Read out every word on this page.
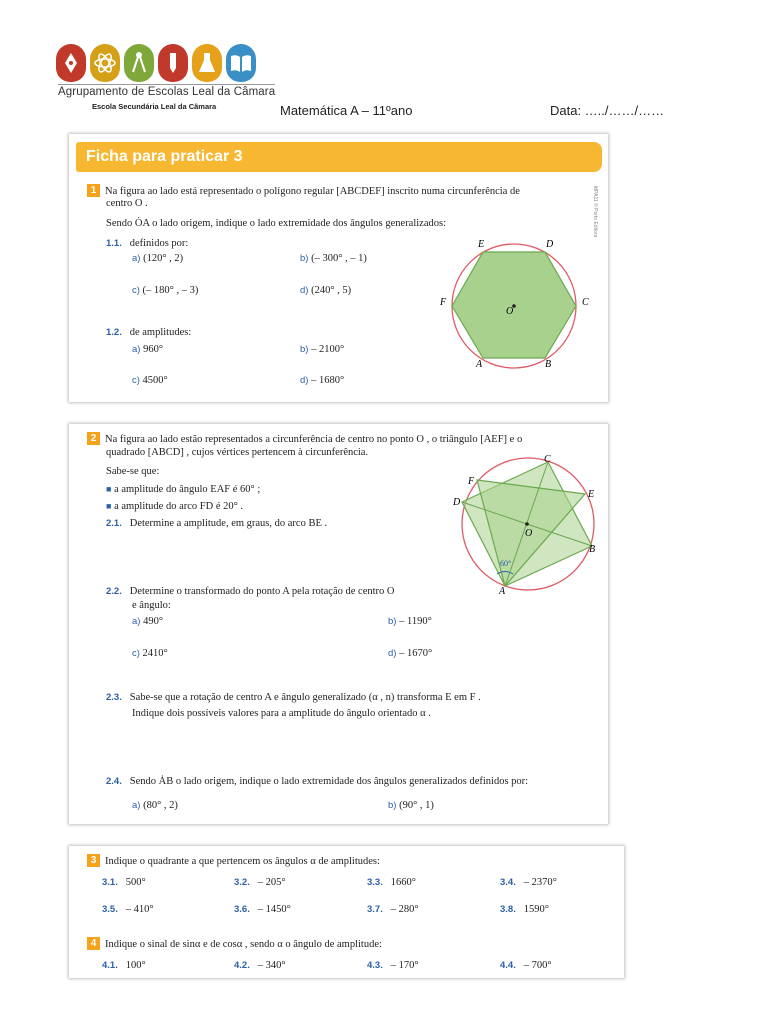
Agrupamento de Escolas Leal da Câmara
Escola Secundária Leal da Câmara	Matemática A – 11ºano	Data: …../……/……
Ficha para praticar 3
MPA11 © Porto Editora
1 Na figura ao lado está representado o polígono regular [ABCDEF] inscrito numa circunferência de
centro O .
Sendo ȮA o lado origem, indique o lado extremidade dos ângulos generalizados:
1.1. definidos por:
a) (120° , 2)	b) (– 300° , – 1)
c) (– 180° , – 3)	d) (240° , 5)
1.2. de amplitudes:
a) 960°	b) – 2100°
c) 4500°	d) – 1680°
O
E	D
C
F
A	B
2 Na figura ao lado estão representados a circunferência de centro no ponto O , o triângulo [AEF] e o
quadrado [ABCD] , cujos vértices pertencem à circunferência.
Sabe-se que:
■ a amplitude do ângulo EAF é 60° ;
■ a amplitude do arco FD é 20° .
2.1. Determine a amplitude, em graus, do arco BE .
2.2. Determine o transformado do ponto A pela rotação de centro O
e ângulo:
a) 490°	b) – 1190°
c) 2410°	d) – 1670°
2.3. Sabe-se que a rotação de centro A e ângulo generalizado (α , n) transforma E em F .
Indique dois possíveis valores para a amplitude do ângulo orientado α .
2.4. Sendo ȦB o lado origem, indique o lado extremidade dos ângulos generalizados definidos por:
a) (80° , 2)	b) (90° , 1)
O
C
E
F
D
B
A
60°
3 Indique o quadrante a que pertencem os ângulos α de amplitudes:
3.1. 500°	3.2. – 205°	3.3. 1660°	3.4. – 2370°
3.5. – 410°	3.6. – 1450°	3.7. – 280°	3.8. 1590°
4 Indique o sinal de sinα e de cosα , sendo α o ângulo de amplitude:
4.1. 100°	4.2. – 340°	4.3. – 170°	4.4. – 700°
